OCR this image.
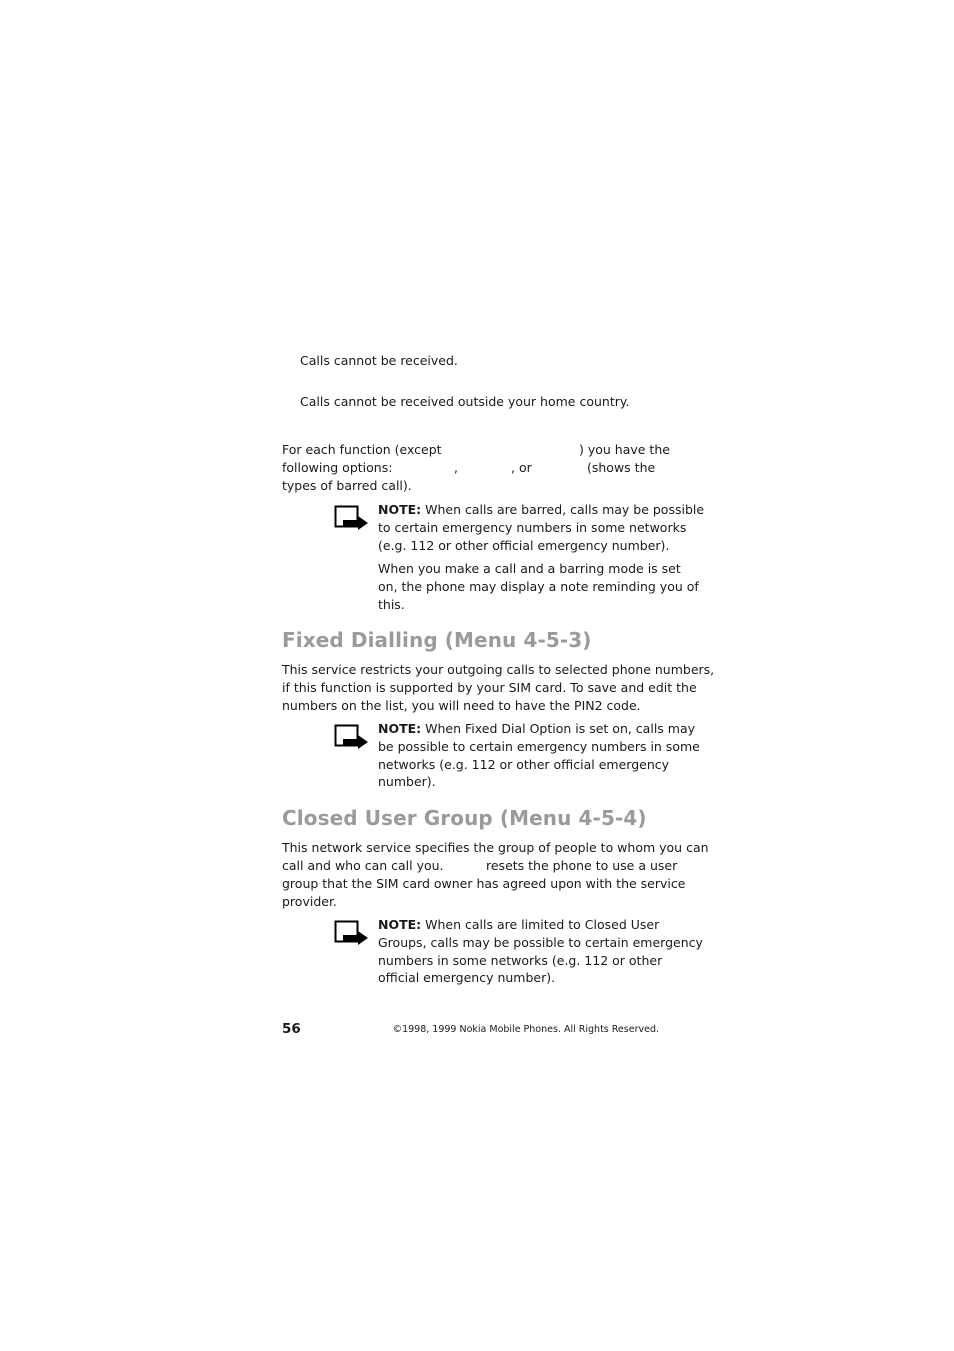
Calls cannot be received.

Calls cannot be received outside your home country.

For each function (except	) you have the
following options:	,	, or	(shows the
types of barred call).

NOTE: When calls are barred, calls may be possible

to certain emergency numbers in some networks

(e.g. 112 or other official emergency number).

When you make a call and a barring mode is set

on, the phone may display a note reminding you of

this.

Fixed Dialling (Menu 4-5-3)

This service restricts your outgoing calls to selected phone numbers,

if this function is supported by your SIM card. To save and edit the

numbers on the list, you will need to have the PIN2 code.

NOTE: When Fixed Dial Option is set on, calls may

be possible to certain emergency numbers in some

networks (e.g. 112 or other official emergency

number).

Closed User Group (Menu 4-5-4)
This network service specifies the group of people to whom you can
call and who can call you.	resets the phone to use a user
group that the SIM card owner has agreed upon with the service
provider.

NOTE: When calls are limited to Closed User

Groups, calls may be possible to certain emergency

numbers in some networks (e.g. 112 or other

official emergency number).

56	©1998, 1999 Nokia Mobile Phones. All Rights Reserved.
